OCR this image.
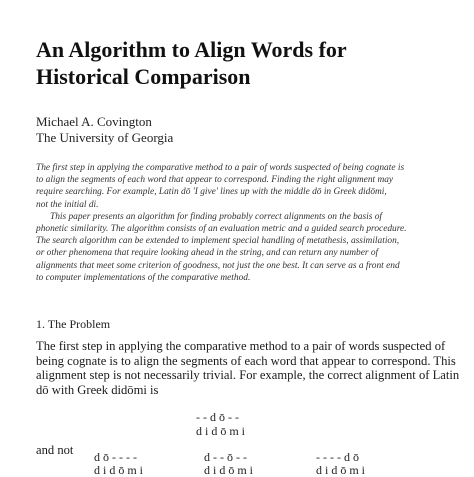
An Algorithm to Align Words for
Historical Comparison
Michael A. Covington
The University of Georgia
The first step in applying the comparative method to a pair of words suspected of being cognate is
to align the segments of each word that appear to correspond. Finding the right alignment may
require searching. For example, Latin dō 'I give' lines up with the middle dō in Greek didōmi,
not the initial di.
This paper presents an algorithm for finding probably correct alignments on the basis of
phonetic similarity. The algorithm consists of an evaluation metric and a guided search procedure.
The search algorithm can be extended to implement special handling of metathesis, assimilation,
or other phenomena that require looking ahead in the string, and can return any number of
alignments that meet some criterion of goodness, not just the one best. It can serve as a front end
to computer implementations of the comparative method.
1. The Problem
The first step in applying the comparative method to a pair of words suspected of
being cognate is to align the segments of each word that appear to correspond. This
alignment step is not necessarily trivial. For example, the correct alignment of Latin
dō with Greek didōmi is
- - d ō - -
d i d ō m i
and not d ō - - - -
d i d ō m i
d - - ō - -
d i d ō m i
- - - - d ō
d i d ō m i
